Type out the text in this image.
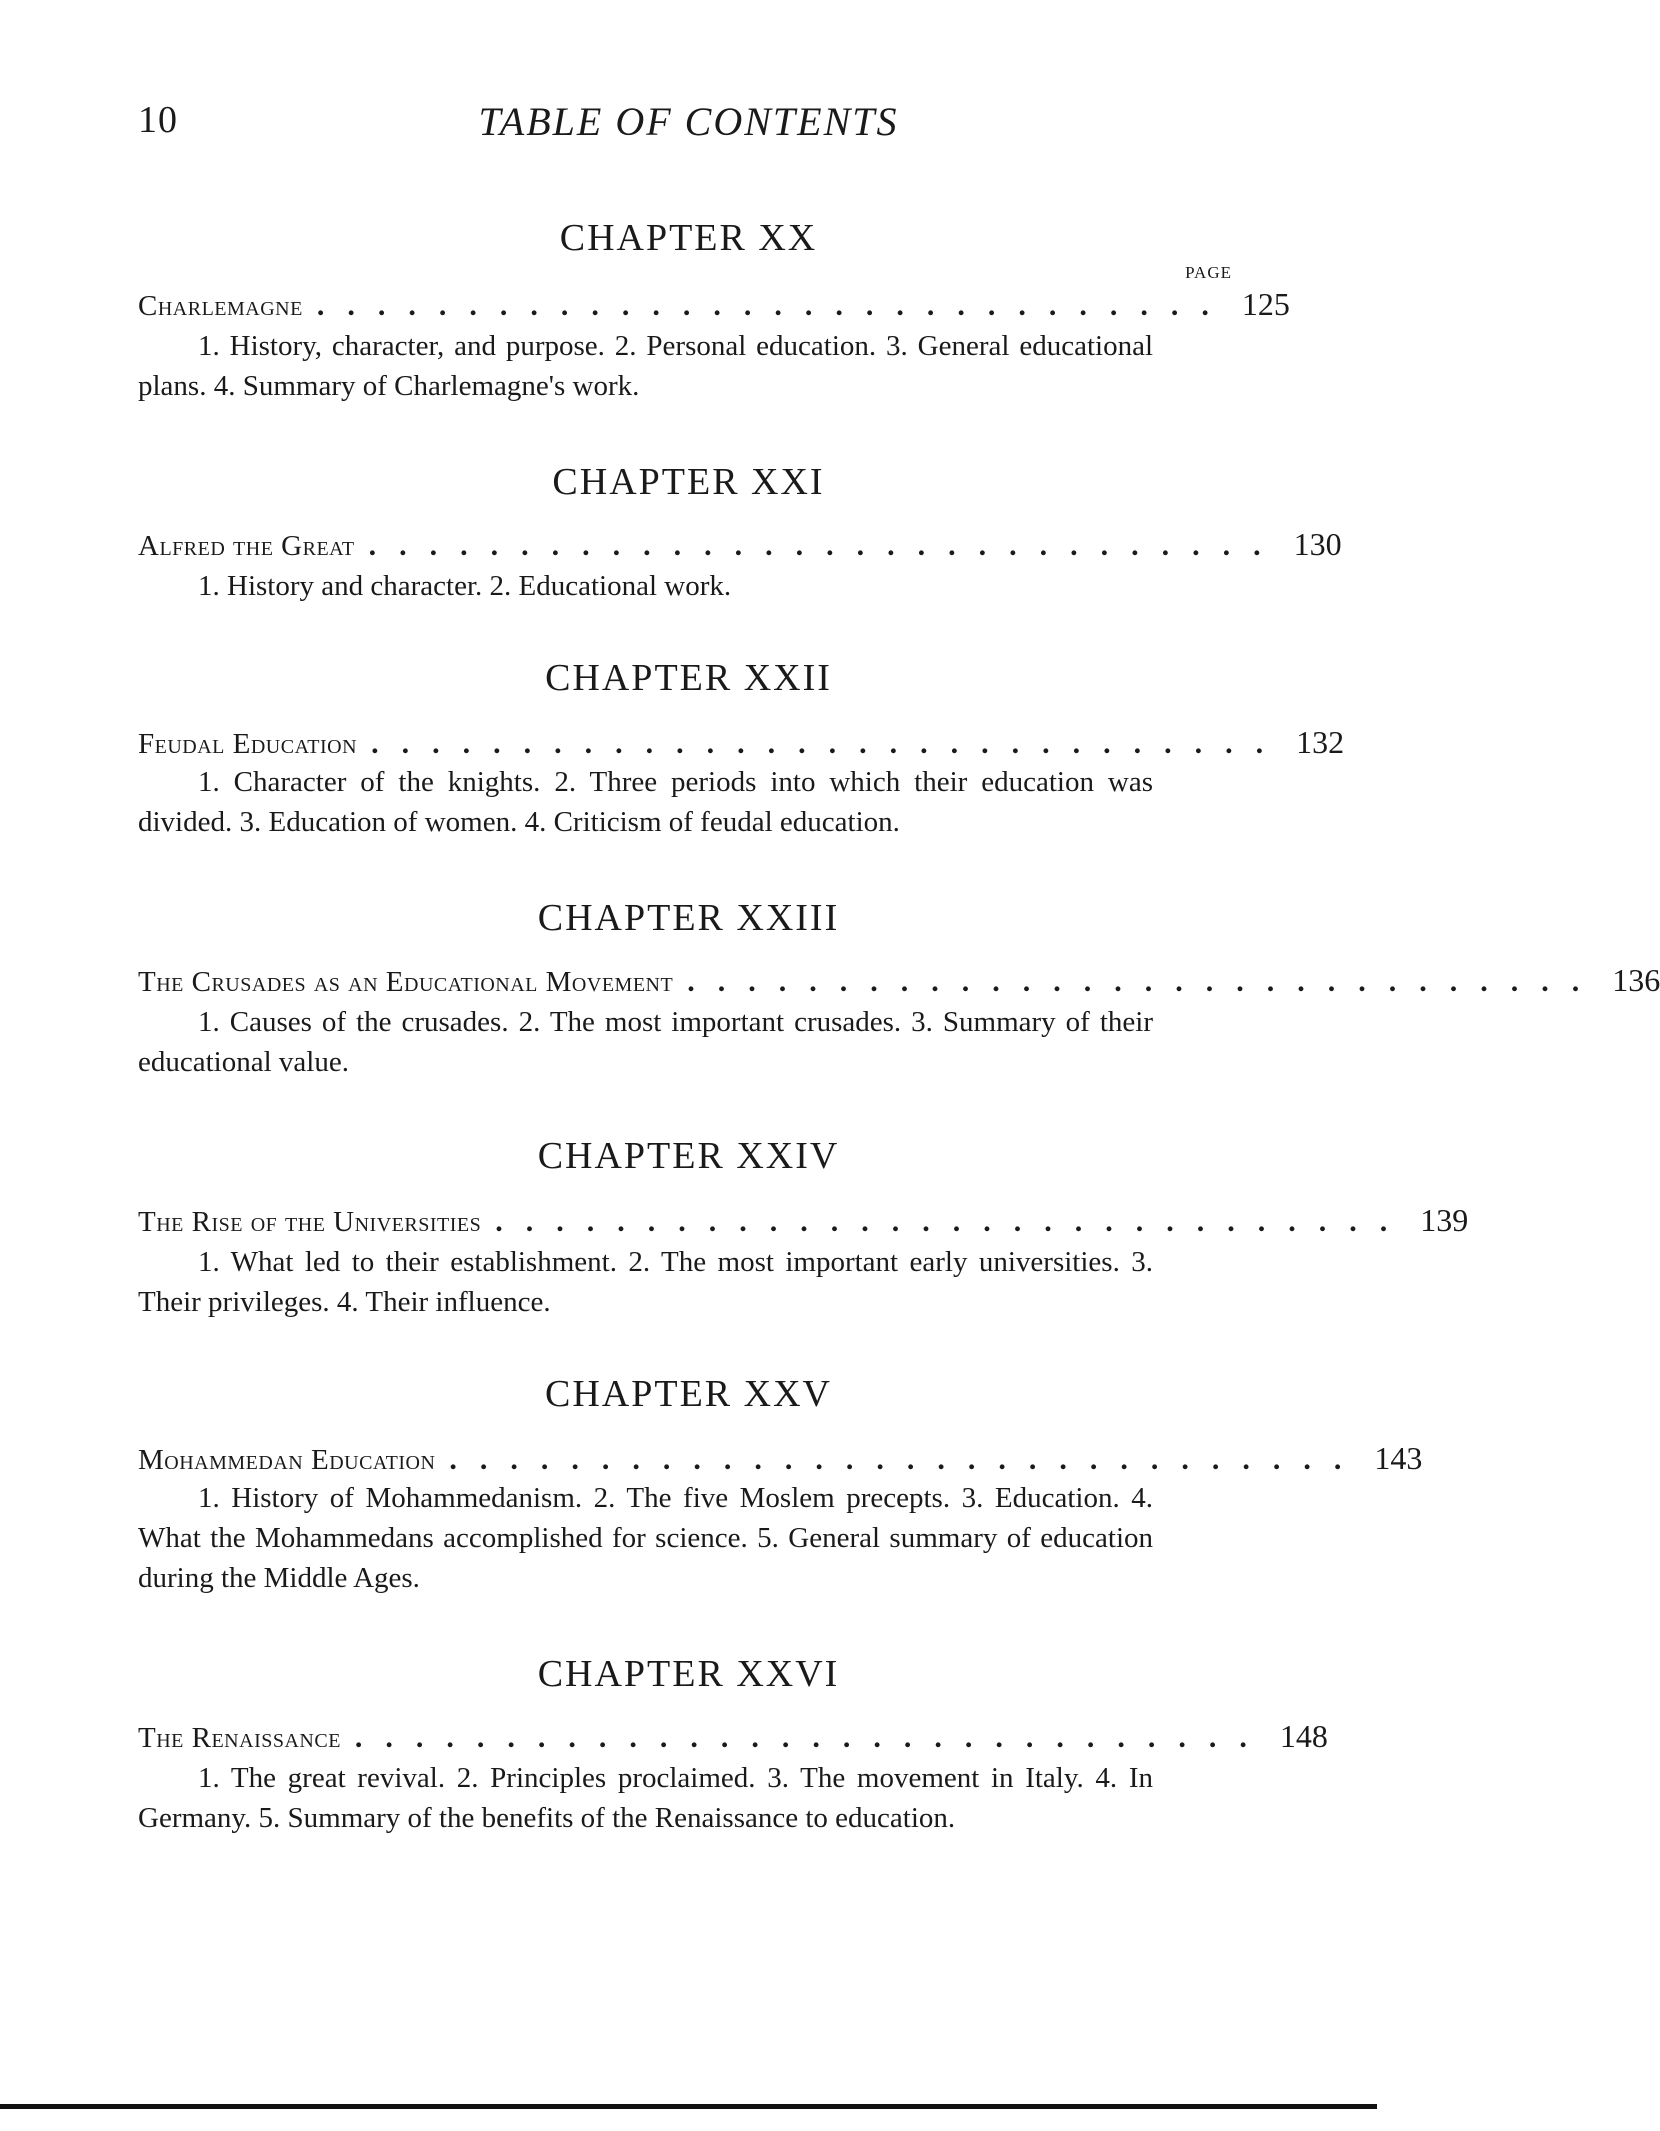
10	TABLE OF CONTENTS
PAGE
CHAPTER XX
Charlemagne .............................. 125
1. History, character, and purpose. 2. Personal education. 3. General educational plans. 4. Summary of Charlemagne's work.
CHAPTER XXI
Alfred the Great .............................. 130
1. History and character. 2. Educational work.
CHAPTER XXII
Feudal Education .............................. 132
1. Character of the knights. 2. Three periods into which their education was divided. 3. Education of women. 4. Criticism of feudal education.
CHAPTER XXIII
The Crusades as an Educational Movement .............................. 136
1. Causes of the crusades. 2. The most important crusades. 3. Summary of their educational value.
CHAPTER XXIV
The Rise of the Universities .............................. 139
1. What led to their establishment. 2. The most important early universities. 3. Their privileges. 4. Their influence.
CHAPTER XXV
Mohammedan Education .............................. 143
1. History of Mohammedanism. 2. The five Moslem precepts. 3. Education. 4. What the Mohammedans accomplished for science. 5. General summary of education during the Middle Ages.
CHAPTER XXVI
The Renaissance .............................. 148
1. The great revival. 2. Principles proclaimed. 3. The movement in Italy. 4. In Germany. 5. Summary of the benefits of the Renaissance to education.
